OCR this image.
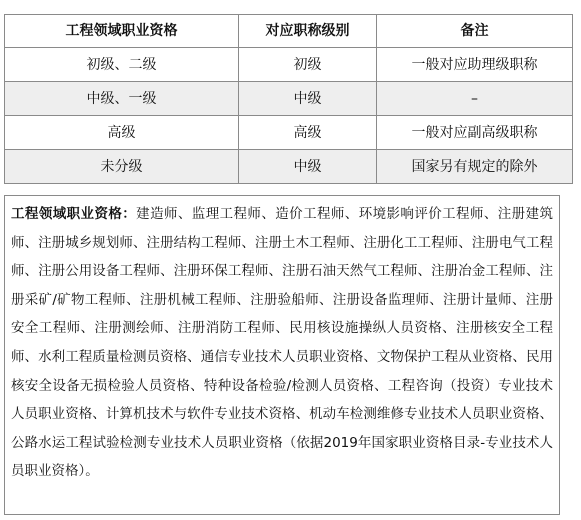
工程领域职业资格	对应职称级别	备注
初级、二级	初级	一般对应助理级职称
中级、一级	中级	–
高级	高级	一般对应副高级职称
未分级	中级	国家另有规定的除外
工程领域职业资格：建造师、监理工程师、造价工程师、环境影响评价工程师、注册建筑师、注册城乡规划师、注册结构工程师、注册土木工程师、注册化工工程师、注册电气工程师、注册公用设备工程师、注册环保工程师、注册石油天然气工程师、注册冶金工程师、注册采矿/矿物工程师、注册机械工程师、注册验船师、注册设备监理师、注册计量师、注册安全工程师、注册测绘师、注册消防工程师、民用核设施操纵人员资格、注册核安全工程师、水利工程质量检测员资格、通信专业技术人员职业资格、文物保护工程从业资格、民用核安全设备无损检验人员资格、特种设备检验/检测人员资格、工程咨询（投资）专业技术人员职业资格、计算机技术与软件专业技术资格、机动车检测维修专业技术人员职业资格、公路水运工程试验检测专业技术人员职业资格（依据2019年国家职业资格目录-专业技术人员职业资格）。
